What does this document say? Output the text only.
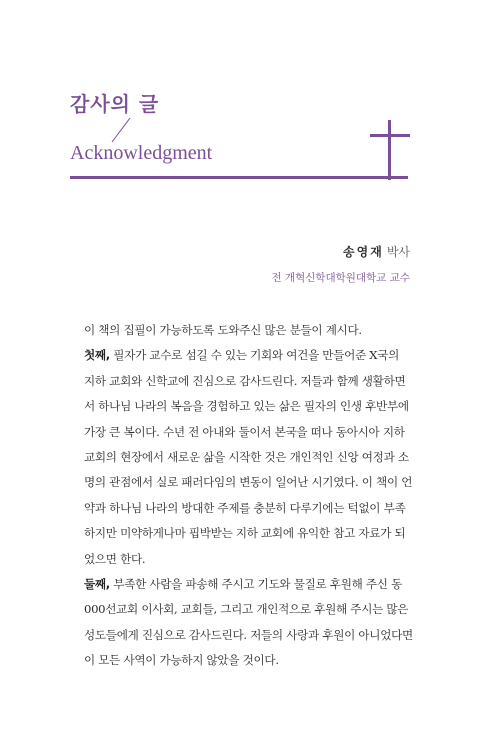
감사의 글
Acknowledgment
송영재 박사
전 개혁신학대학원대학교 교수

이 책의 집필이 가능하도록 도와주신 많은 분들이 계시다.

첫째, 필자가 교수로 섬길 수 있는 기회와 여건을 만들어준 X국의
지하 교회와 신학교에 진심으로 감사드린다. 저들과 함께 생활하면
서 하나님 나라의 복음을 경험하고 있는 삶은 필자의 인생 후반부에
가장 큰 복이다. 수년 전 아내와 둘이서 본국을 떠나 동아시아 지하
교회의 현장에서 새로운 삶을 시작한 것은 개인적인 신앙 여정과 소
명의 관점에서 실로 패러다임의 변동이 일어난 시기였다. 이 책이 언
약과 하나님 나라의 방대한 주제를 충분히 다루기에는 턱없이 부족
하지만 미약하게나마 핍박받는 지하 교회에 유익한 참고 자료가 되
었으면 한다.

둘째, 부족한 사람을 파송해 주시고 기도와 물질로 후원해 주신 동
000선교회 이사회, 교회들, 그리고 개인적으로 후원해 주시는 많은
성도들에게 진심으로 감사드린다. 저들의 사랑과 후원이 아니었다면
이 모든 사역이 가능하지 않았을 것이다.
